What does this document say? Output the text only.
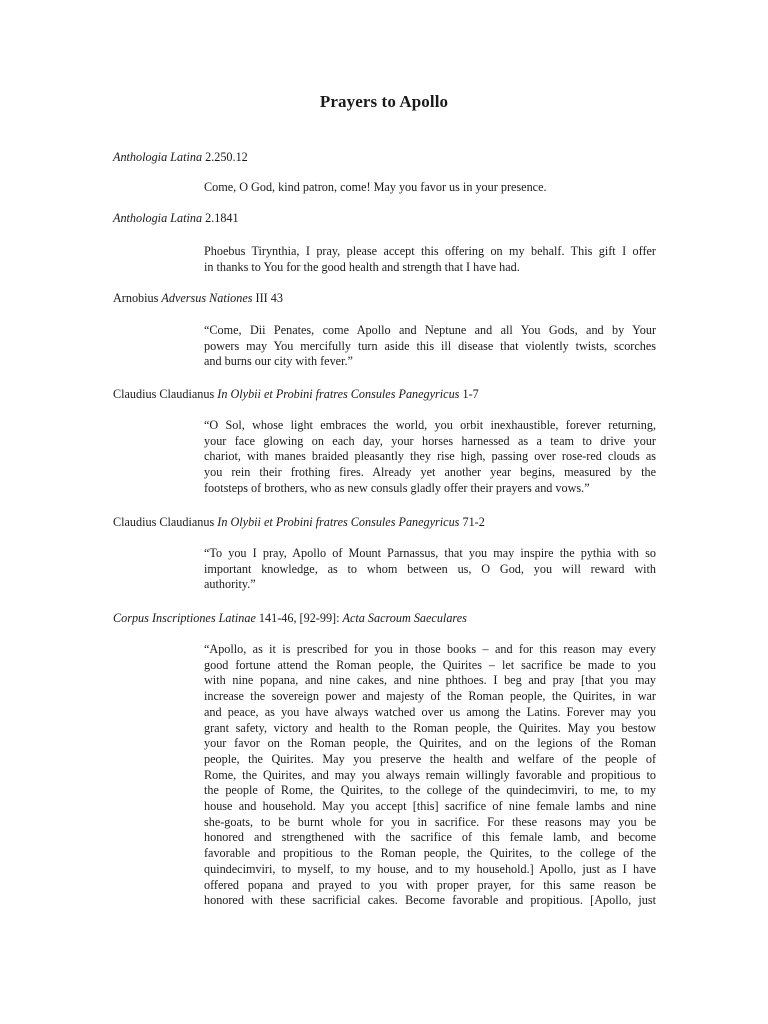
Prayers to Apollo
Anthologia Latina 2.250.12
Come, O God, kind patron, come! May you favor us in your presence.
Anthologia Latina 2.1841
Phoebus Tirynthia, I pray, please accept this offering on my behalf. This gift I offer
in thanks to You for the good health and strength that I have had.
Arnobius Adversus Nationes III 43
“Come, Dii Penates, come Apollo and Neptune and all You Gods, and by Your
powers may You mercifully turn aside this ill disease that violently twists, scorches
and burns our city with fever.”
Claudius Claudianus In Olybii et Probini fratres Consules Panegyricus 1-7
“O Sol, whose light embraces the world, you orbit inexhaustible, forever returning,
your face glowing on each day, your horses harnessed as a team to drive your
chariot, with manes braided pleasantly they rise high, passing over rose-red clouds as
you rein their frothing fires. Already yet another year begins, measured by the
footsteps of brothers, who as new consuls gladly offer their prayers and vows.”
Claudius Claudianus In Olybii et Probini fratres Consules Panegyricus 71-2
“To you I pray, Apollo of Mount Parnassus, that you may inspire the pythia with so
important knowledge, as to whom between us, O God, you will reward with
authority.”
Corpus Inscriptiones Latinae 141-46, [92-99]: Acta Sacroum Saeculares
“Apollo, as it is prescribed for you in those books – and for this reason may every
good fortune attend the Roman people, the Quirites – let sacrifice be made to you
with nine popana, and nine cakes, and nine phthoes. I beg and pray [that you may
increase the sovereign power and majesty of the Roman people, the Quirites, in war
and peace, as you have always watched over us among the Latins. Forever may you
grant safety, victory and health to the Roman people, the Quirites. May you bestow
your favor on the Roman people, the Quirites, and on the legions of the Roman
people, the Quirites. May you preserve the health and welfare of the people of
Rome, the Quirites, and may you always remain willingly favorable and propitious to
the people of Rome, the Quirites, to the college of the quindecimviri, to me, to my
house and household. May you accept [this] sacrifice of nine female lambs and nine
she-goats, to be burnt whole for you in sacrifice. For these reasons may you be
honored and strengthened with the sacrifice of this female lamb, and become
favorable and propitious to the Roman people, the Quirites, to the college of the
quindecimviri, to myself, to my house, and to my household.] Apollo, just as I have
offered popana and prayed to you with proper prayer, for this same reason be
honored with these sacrificial cakes. Become favorable and propitious. [Apollo, just
